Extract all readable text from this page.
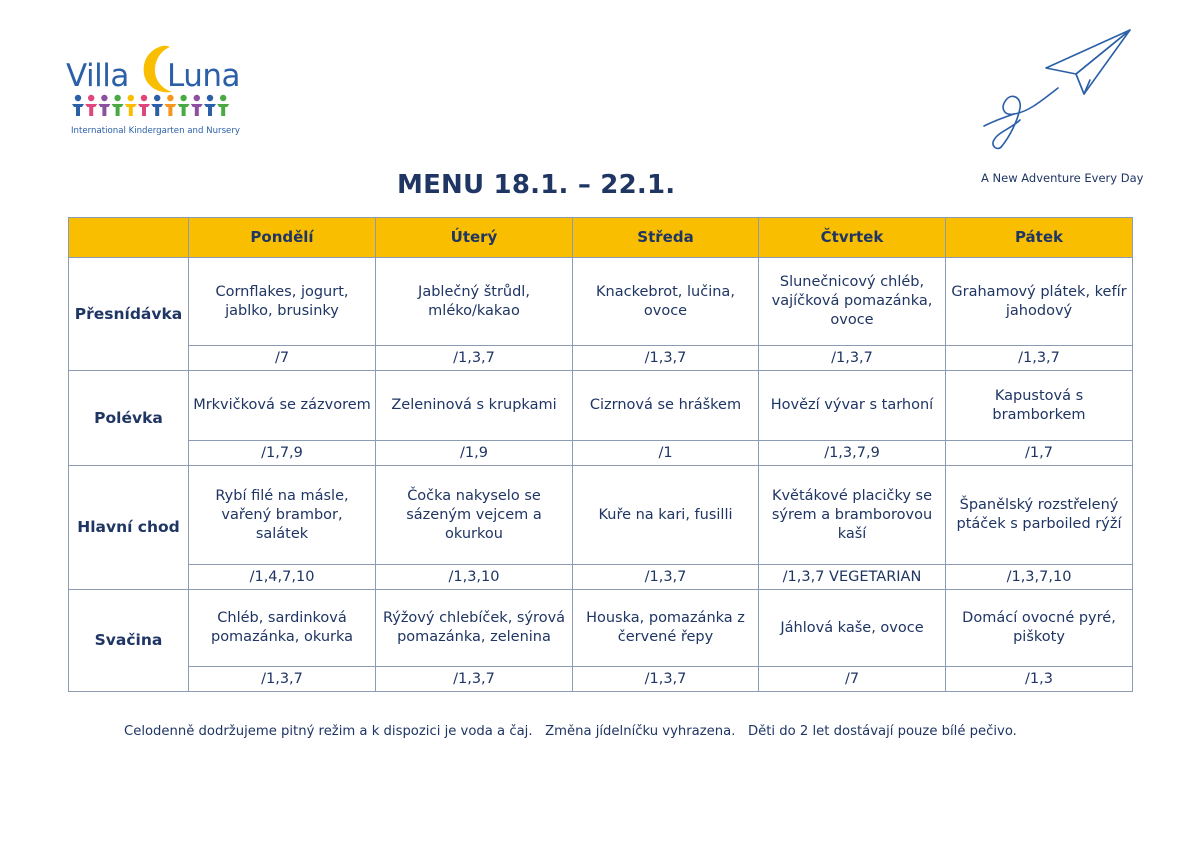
Villa Luna
International Kindergarten and Nursery
A New Adventure Every Day
MENU 18.1. – 22.1.
	Pondělí	Úterý	Středa	Čtvrtek	Pátek
Přesnídávka	Cornflakes, jogurt, jablko, brusinky	Jablečný štrůdl, mléko/kakao	Knackebrot, lučina, ovoce	Slunečnicový chléb, vajíčková pomazánka, ovoce	Grahamový plátek, kefír jahodový
	/7	/1,3,7	/1,3,7	/1,3,7	/1,3,7
Polévka	Mrkvičková se zázvorem	Zeleninová s krupkami	Cizrnová se hráškem	Hovězí vývar s tarhoní	Kapustová s bramborkem
	/1,7,9	/1,9	/1	/1,3,7,9	/1,7
Hlavní chod	Rybí filé na másle, vařený brambor, salátek	Čočka nakyselo se sázeným vejcem a okurkou	Kuře na kari, fusilli	Květákové placičky se sýrem a bramborovou kaší	Španělský rozstřelený ptáček s parboiled rýží
	/1,4,7,10	/1,3,10	/1,3,7	/1,3,7 VEGETARIAN	/1,3,7,10
Svačina	Chléb, sardinková pomazánka, okurka	Rýžový chlebíček, sýrová pomazánka, zelenina	Houska, pomazánka z červené řepy	Jáhlová kaše, ovoce	Domácí ovocné pyré, piškoty
	/1,3,7	/1,3,7	/1,3,7	/7	/1,3
Celodenně dodržujeme pitný režim a k dispozici je voda a čaj. Změna jídelníčku vyhrazena. Děti do 2 let dostávají pouze bílé pečivo.
